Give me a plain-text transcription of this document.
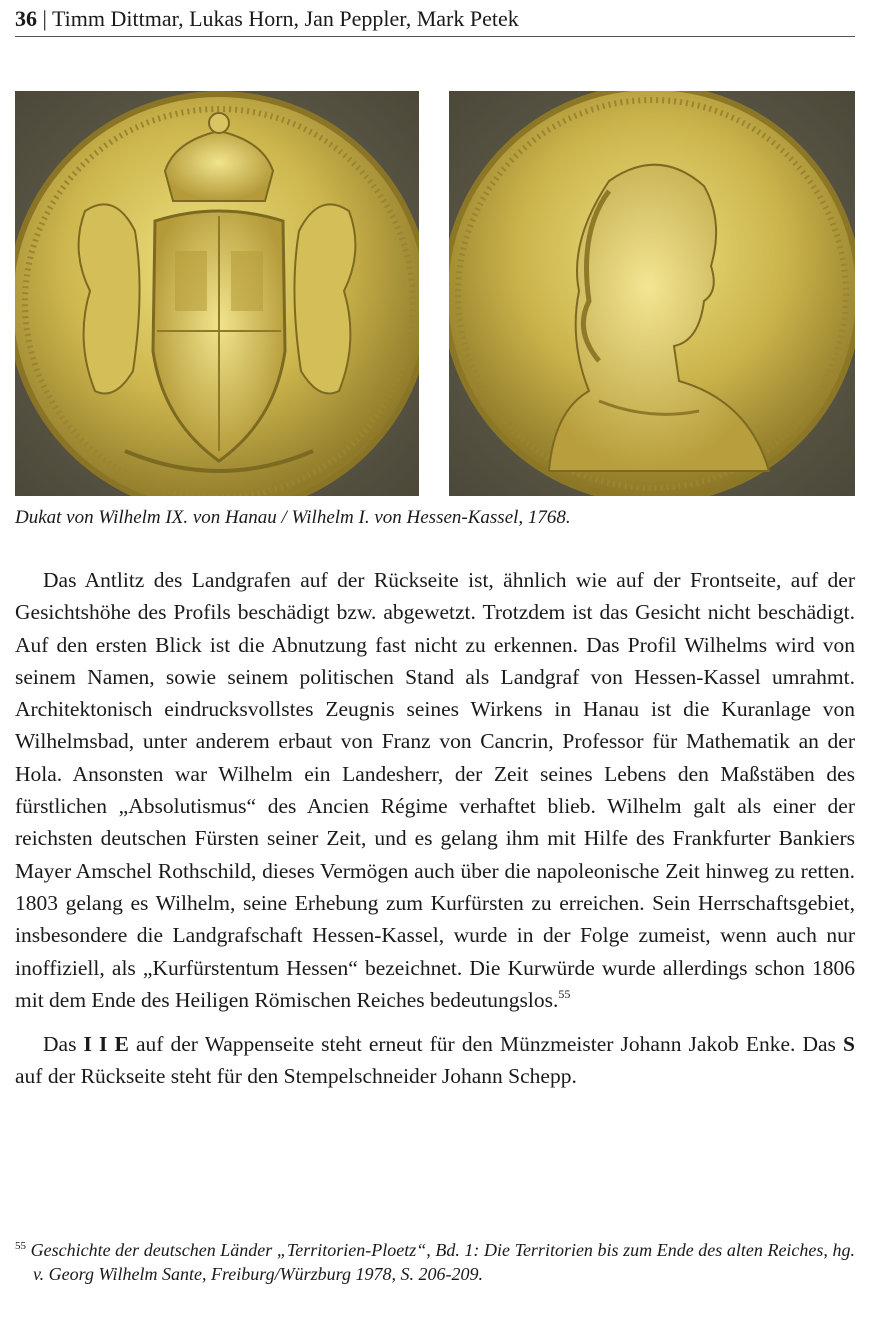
36 | Timm Dittmar, Lukas Horn, Jan Peppler, Mark Petek
Dukat von Wilhelm IX. von Hanau / Wilhelm I. von Hessen-Kassel, 1768.

Das Antlitz des Landgrafen auf der Rückseite ist, ähnlich wie auf der Frontseite, auf der Gesichtshöhe des Profils beschädigt bzw. abgewetzt. Trotzdem ist das Gesicht nicht beschädigt. Auf den ersten Blick ist die Abnutzung fast nicht zu erkennen. Das Profil Wilhelms wird von seinem Namen, sowie seinem politischen Stand als Landgraf von Hessen-Kassel umrahmt. Architektonisch eindrucksvollstes Zeugnis seines Wirkens in Hanau ist die Kuranlage von Wilhelmsbad, unter anderem erbaut von Franz von Cancrin, Professor für Mathematik an der Hola. Ansonsten war Wilhelm ein Landesherr, der Zeit seines Lebens den Maßstäben des fürstlichen „Absolutismus“ des Ancien Régime verhaftet blieb. Wilhelm galt als einer der reichsten deutschen Fürsten seiner Zeit, und es gelang ihm mit Hilfe des Frankfurter Bankiers Mayer Amschel Rothschild, dieses Vermögen auch über die napoleonische Zeit hinweg zu retten. 1803 gelang es Wilhelm, seine Erhebung zum Kurfürsten zu erreichen. Sein Herrschaftsgebiet, insbesondere die Landgrafschaft Hessen-Kassel, wurde in der Folge zumeist, wenn auch nur inoffiziell, als „Kurfürstentum Hessen“ bezeichnet. Die Kurwürde wurde allerdings schon 1806 mit dem Ende des Heiligen Römischen Reiches bedeutungslos.$^{55}$

Das I I E auf der Wappenseite steht erneut für den Münzmeister Johann Jakob Enke. Das S auf der Rückseite steht für den Stempelschneider Johann Schepp.

$^{55}$ Geschichte der deutschen Länder „Territorien-Ploetz“, Bd. 1: Die Territorien bis zum Ende des alten Reiches, hg. v. Georg Wilhelm Sante, Freiburg/Würzburg 1978, S. 206-209.
